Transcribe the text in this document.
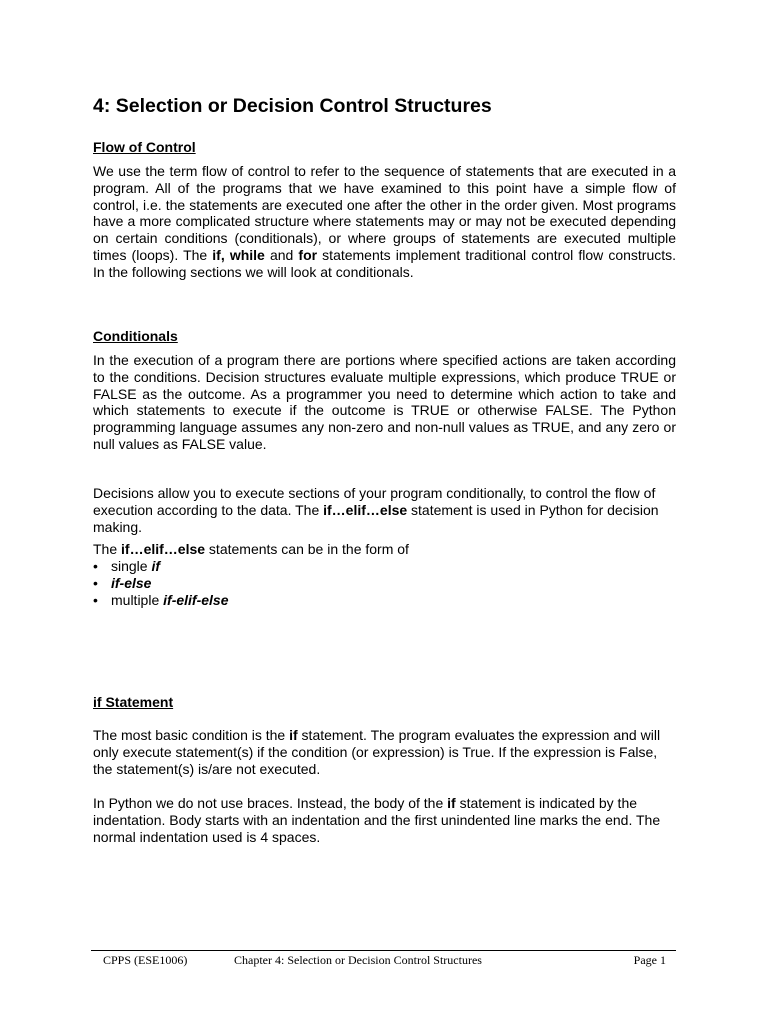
4: Selection or Decision Control Structures
Flow of Control

We use the term flow of control to refer to the sequence of statements that are executed in a program. All of the programs that we have examined to this point have a simple flow of control, i.e. the statements are executed one after the other in the order given. Most programs have a more complicated structure where statements may or may not be executed depending on certain conditions (conditionals), or where groups of statements are executed multiple times (loops). The if, while and for statements implement traditional control flow constructs. In the following sections we will look at conditionals.

Conditionals

In the execution of a program there are portions where specified actions are taken according to the conditions. Decision structures evaluate multiple expressions, which produce TRUE or FALSE as the outcome. As a programmer you need to determine which action to take and which statements to execute if the outcome is TRUE or otherwise FALSE. The Python programming language assumes any non-zero and non-null values as TRUE, and any zero or null values as FALSE value.

Decisions allow you to execute sections of your program conditionally, to control the flow of execution according to the data. The if…elif…else statement is used in Python for decision making.

The if…elif…else statements can be in the form of

• single if
• if-else
• multiple if-elif-else
if Statement

The most basic condition is the if statement. The program evaluates the expression and will only execute statement(s) if the condition (or expression) is True. If the expression is False, the statement(s) is/are not executed.

In Python we do not use braces. Instead, the body of the if statement is indicated by the indentation. Body starts with an indentation and the first unindented line marks the end. The normal indentation used is 4 spaces.

CPPS (ESE1006)	Chapter 4: Selection or Decision Control Structures	Page 1
